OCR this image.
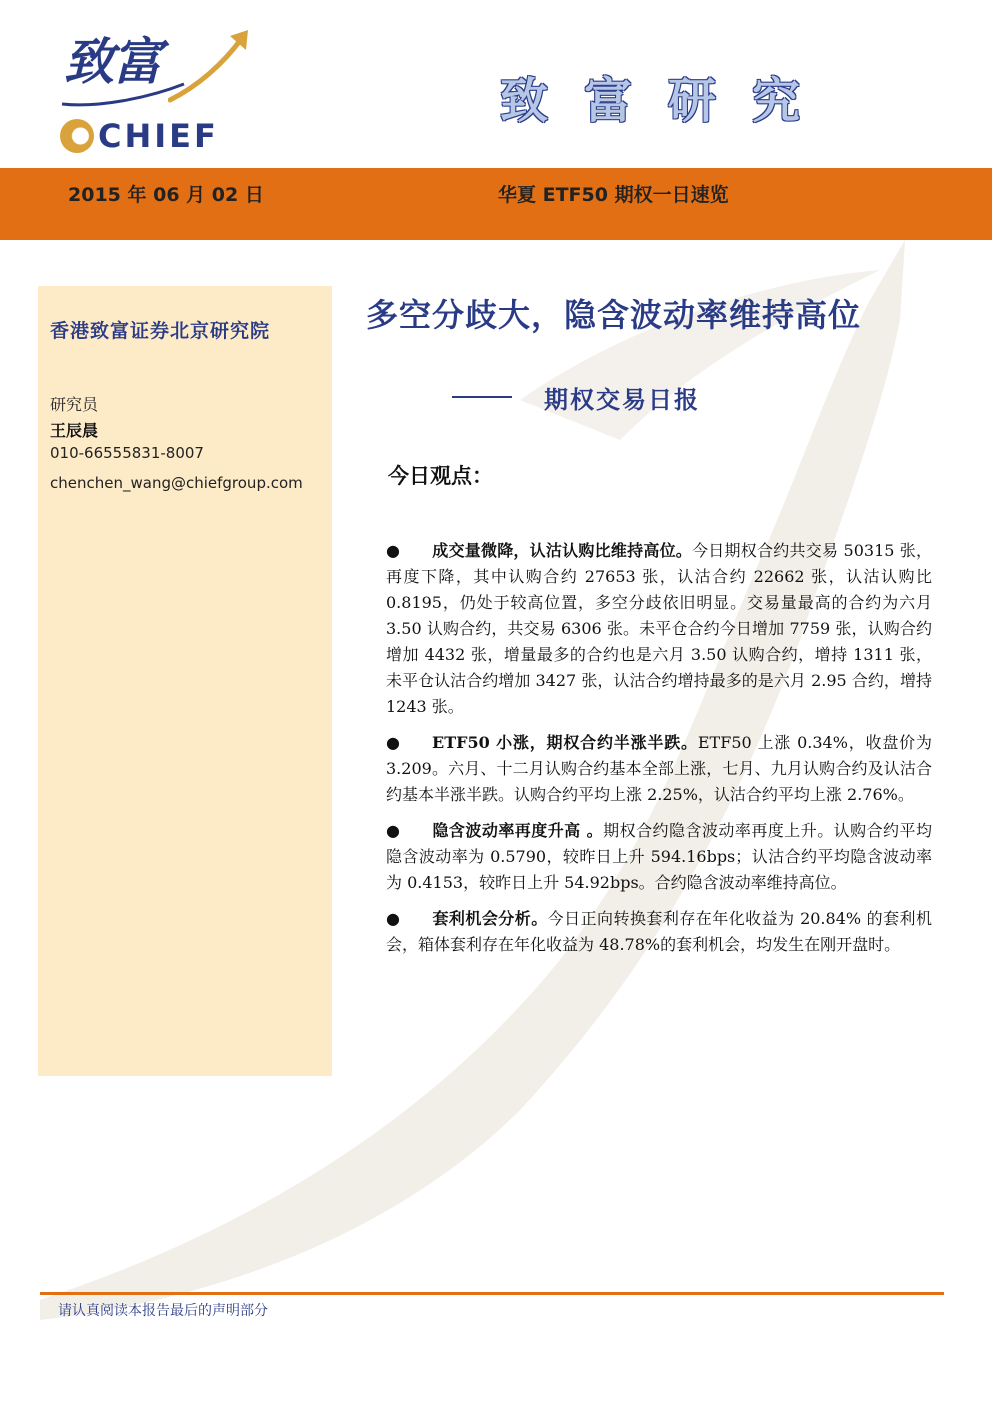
致富
CHIEF
致富研究
2015 年 06 月 02 日	华夏 ETF50 期权一日速览
香港致富证券北京研究院
研究员
王辰晨
010-66555831-8007
chenchen_wang@chiefgroup.com
多空分歧大，隐含波动率维持高位
期权交易日报
今日观点：
● 成交量微降，认沽认购比维持高位。今日期权合约共交易 50315 张，再度下降，其中认购合约 27653 张，认沽合约 22662 张，认沽认购比 0.8195，仍处于较高位置，多空分歧依旧明显。交易量最高的合约为六月 3.50 认购合约，共交易 6306 张。未平仓合约今日增加 7759 张，认购合约增加 4432 张，增量最多的合约也是六月 3.50 认购合约，增持 1311 张，未平仓认沽合约增加 3427 张，认沽合约增持最多的是六月 2.95 合约，增持 1243 张。
● ETF50 小涨，期权合约半涨半跌。ETF50 上涨 0.34%，收盘价为 3.209。六月、十二月认购合约基本全部上涨，七月、九月认购合约及认沽合约基本半涨半跌。认购合约平均上涨 2.25%，认沽合约平均上涨 2.76%。
● 隐含波动率再度升高 。期权合约隐含波动率再度上升。认购合约平均隐含波动率为 0.5790，较昨日上升 594.16bps；认沽合约平均隐含波动率为 0.4153，较昨日上升 54.92bps。合约隐含波动率维持高位。
● 套利机会分析。今日正向转换套利存在年化收益为 20.84% 的套利机会，箱体套利存在年化收益为 48.78%的套利机会，均发生在刚开盘时。
请认真阅读本报告最后的声明部分
